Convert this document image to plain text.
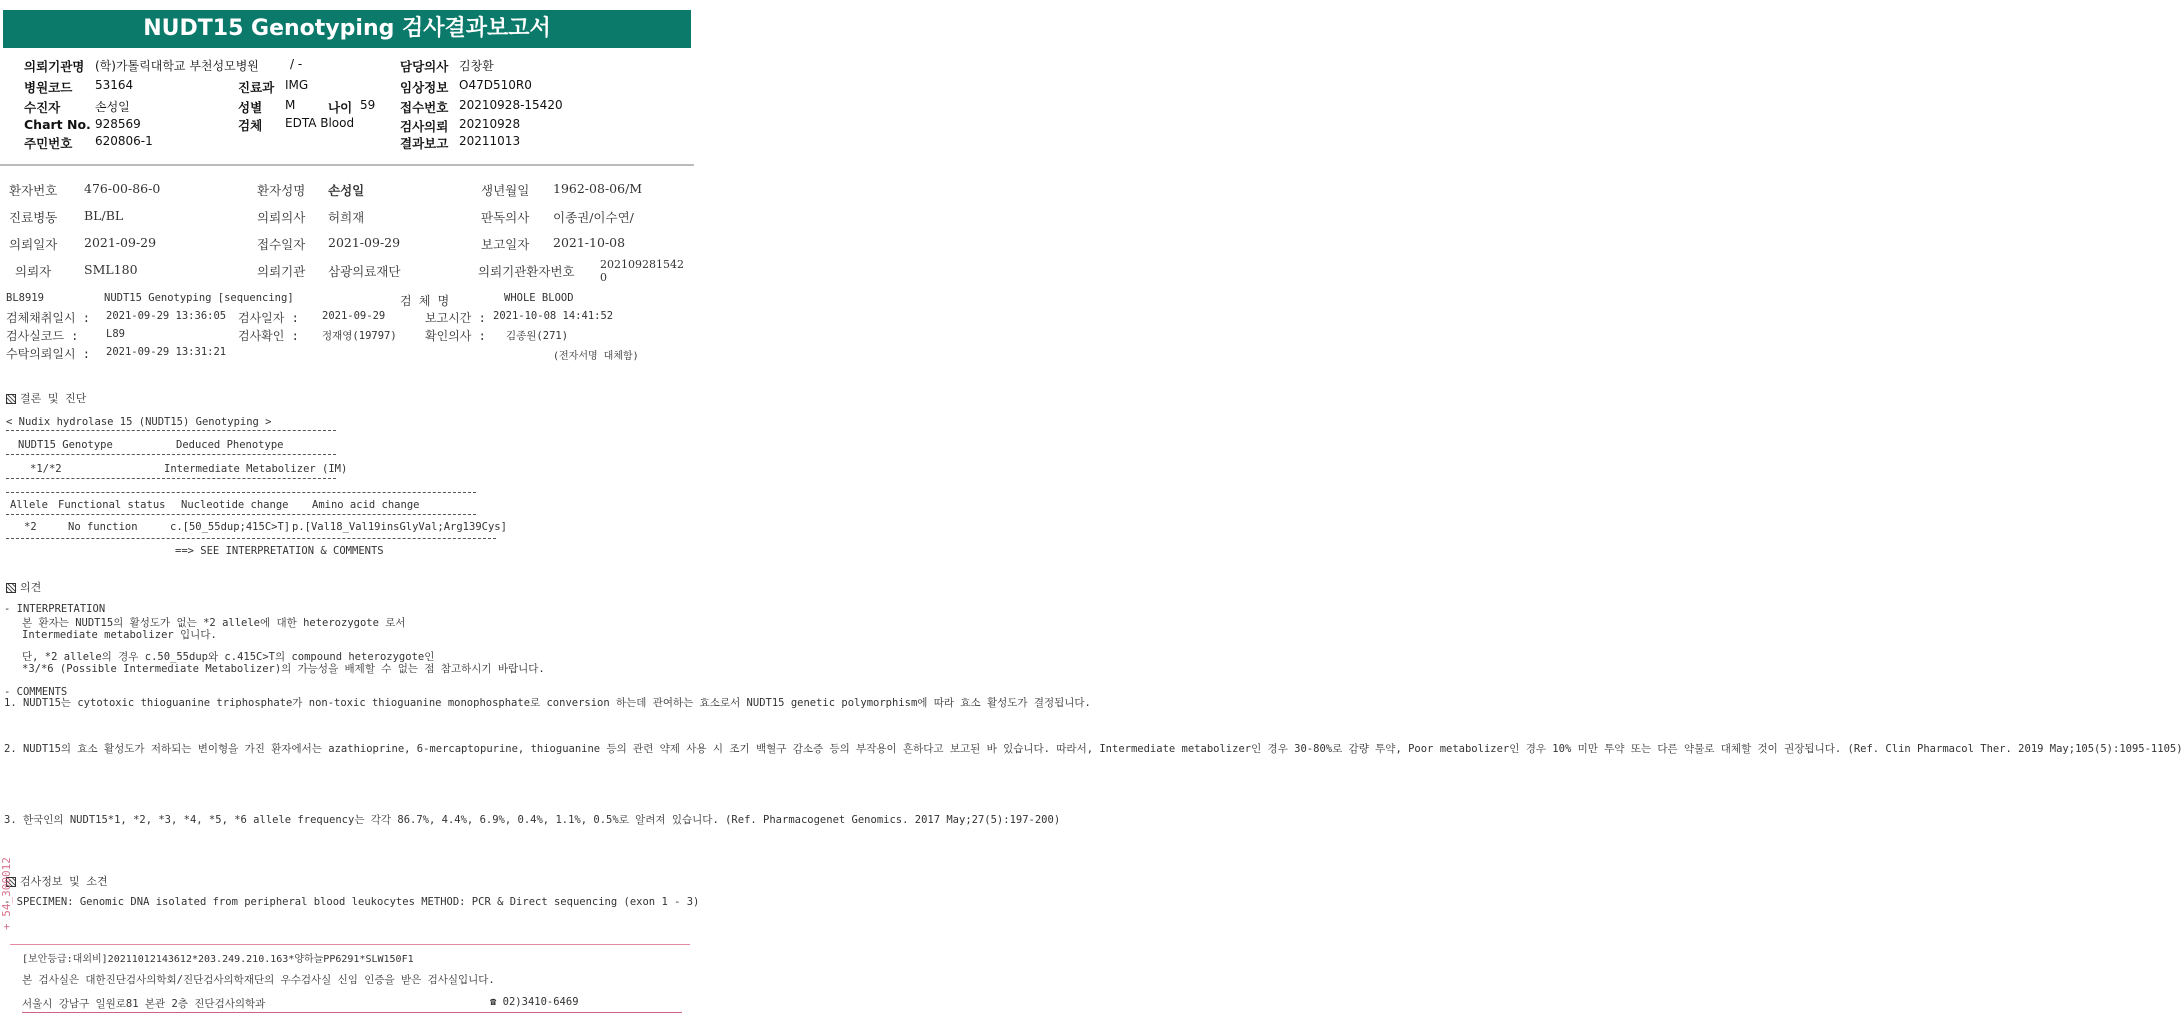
NUDT15 Genotyping 검사결과보고서
의뢰기관명 (학)가톨릭대학교 부천성모병원	/ -	담당의사 김창환
병원코드 53164	진료과 IMG	임상정보 O47D510R0
수진자	손성일	성별 M	나이 59 접수번호 20210928-15420
Chart No. 928569	검체 EDTA Blood	검사의뢰 20210928
주민번호 620806-1	결과보고 20211013
환자번호 476-00-86-0	환자성명 손성일	생년월일 1962-08-06/M
진료병동 BL/BL	의뢰의사 허희재	판독의사 이종권/이수연/
의뢰일자 2021-09-29	접수일자 2021-09-29	보고일자 2021-10-08
의뢰자	SML180	의뢰기관 삼광의료재단	의뢰기관환자번호 202109281542 0
BL8919	NUDT15 Genotyping [sequencing]	검 체 명	WHOLE BLOOD
검체채취일시 : 2021-09-29 13:36:05 검사일자 : 2021-09-29	보고시간 : 2021-10-08 14:41:52
검사실코드 :	L89	검사확인 : 정재영(19797) 확인의사 : 김종원(271)
수탁의뢰일시 : 2021-09-29 13:31:21	(전자서명 대체함)
결론 및 진단
< Nudix hydrolase 15 (NUDT15) Genotyping >
NUDT15 Genotype	Deduced Phenotype
*1/*2	Intermediate Metabolizer (IM)
Allele Functional status Nucleotide change Amino acid change
*2	No function	c.[50_55dup;415C>T] p.[Val18_Val19insGlyVal;Arg139Cys]
==> SEE INTERPRETATION & COMMENTS
의견
- INTERPRETATION
본 환자는 NUDT15의 활성도가 없는 *2 allele에 대한 heterozygote 로서
Intermediate metabolizer 입니다.
단, *2 allele의 경우 c.50_55dup와 c.415C>T의 compound heterozygote인
*3/*6 (Possible Intermediate Metabolizer)의 가능성을 배제할 수 없는 점 참고하시기 바랍니다.
- COMMENTS
1. NUDT15는 cytotoxic thioguanine triphosphate가 non-toxic thioguanine monophosphate로 conversion 하는데 관여하는 효소로서 NUDT15 genetic polymorphism에 따라 효소 활성도가 결정됩니다.
2. NUDT15의 효소 활성도가 저하되는 변이형을 가진 환자에서는 azathioprine, 6-mercaptopurine, thioguanine 등의 관련 약제 사용 시 조기 백혈구 감소증 등의 부작용이 흔하다고 보고된 바 있습니다. 따라서, Intermediate metabolizer인 경우 30-80%로 감량 투약, Poor metabolizer인 경우 10% 미만 투약 또는 다른 약물로 대체할 것이 권장됩니다. (Ref. Clin Pharmacol Ther. 2019 May;105(5):1095-1105)
3. 한국인의 NUDT15*1, *2, *3, *4, *5, *6 allele frequency는 각각 86.7%, 4.4%, 6.9%, 0.4%, 1.1%, 0.5%로 알려져 있습니다. (Ref. Pharmacogenet Genomics. 2017 May;27(5):197-200)
검사정보 및 소견
- SPECIMEN: Genomic DNA isolated from peripheral blood leukocytes METHOD: PCR & Direct sequencing (exon 1 - 3)
+ 54_300012
[보안등급:대외비]20211012143612*203.249.210.163*양하늘PP6291*SLW150F1
본 검사실은 대한진단검사의학회/진단검사의학재단의 우수검사실 신임 인증을 받은 검사실입니다.
서울시 강남구 일원로81 본관 2층 진단검사의학과	☎ 02)3410-6469
